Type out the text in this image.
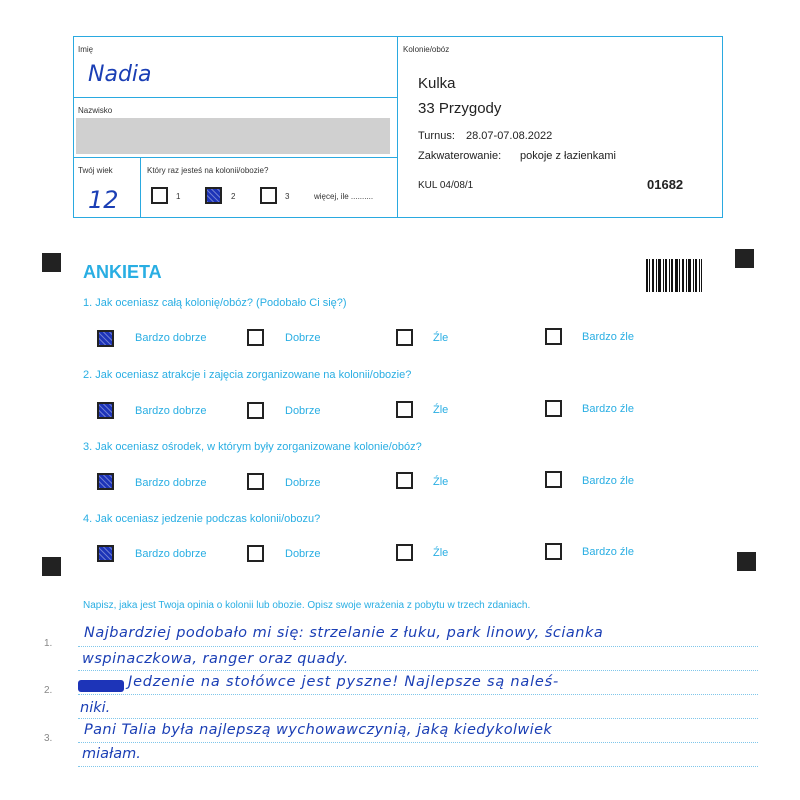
Imię
Nadia
Nazwisko
Twój wiek
12
Który raz jesteś na kolonii/obozie?
1	2	3	więcej, ile ..........
Kolonie/obóz
Kulka
33 Przygody
Turnus: 28.07-07.08.2022
Zakwaterowanie: pokoje z łazienkami
KUL 04/08/1	01682
ANKIETA
1. Jak oceniasz całą kolonię/obóz? (Podobało Ci się?)
Bardzo dobrze	Dobrze	Źle	Bardzo źle
2. Jak oceniasz atrakcje i zajęcia zorganizowane na kolonii/obozie?
Bardzo dobrze	Dobrze	Źle	Bardzo źle
3. Jak oceniasz ośrodek, w którym były zorganizowane kolonie/obóz?
Bardzo dobrze	Dobrze	Źle	Bardzo źle
4. Jak oceniasz jedzenie podczas kolonii/obozu?
Bardzo dobrze	Dobrze	Źle	Bardzo źle
Napisz, jaka jest Twoja opinia o kolonii lub obozie. Opisz swoje wrażenia z pobytu w trzech zdaniach.
1.
2.
3.
Najbardziej podobało mi się: strzelanie z łuku, park linowy, ścianka
wspinaczkowa, ranger oraz quady.
Jedzenie na stołówce jest pyszne! Najlepsze są naleś-
niki.
Pani Talia była najlepszą wychowawczynią, jaką kiedykolwiek
miałam.
